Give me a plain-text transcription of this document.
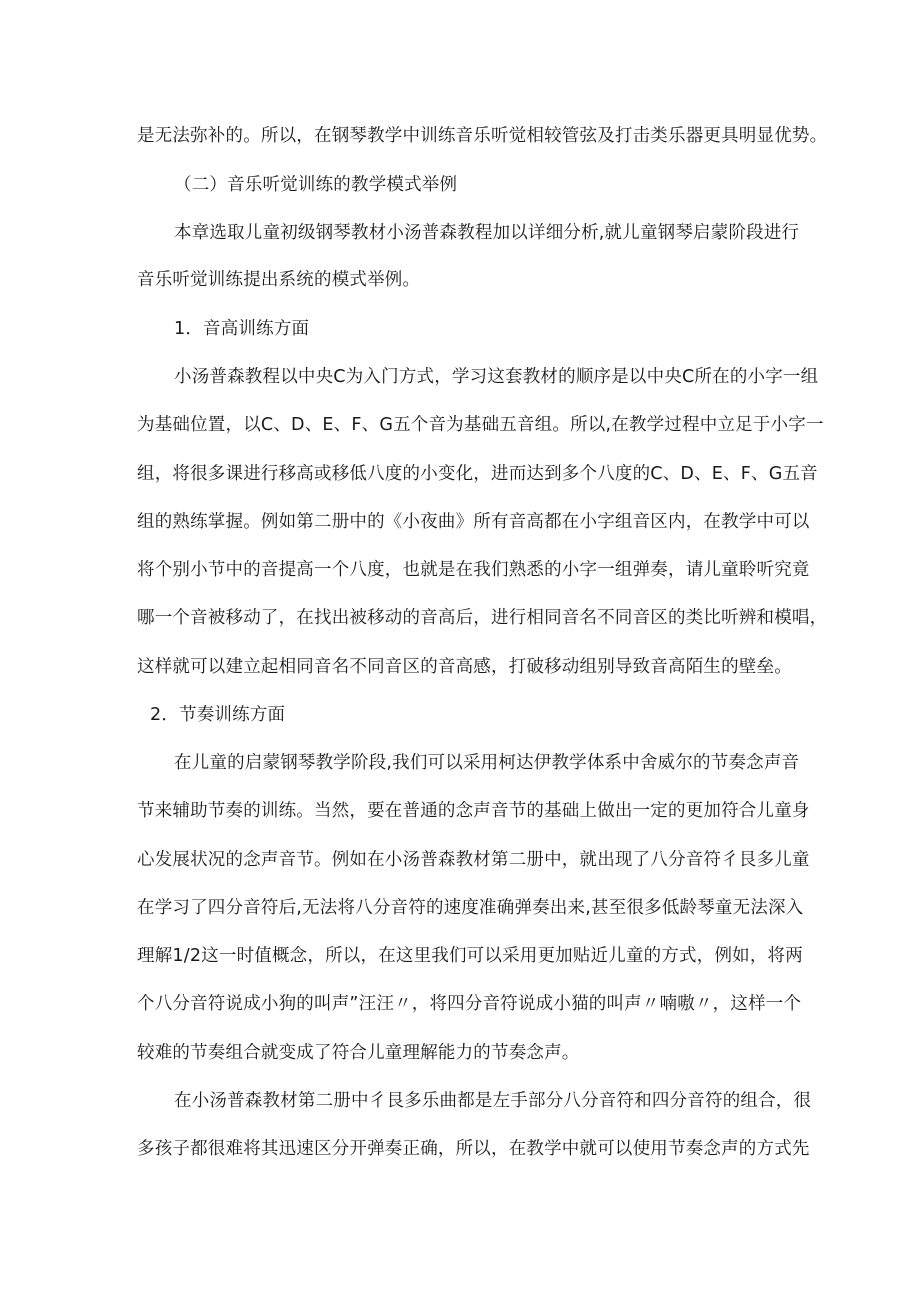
是无法弥补的。所以，在钢琴教学中训练音乐听觉相较管弦及打击类乐器更具明显优势。
（二）音乐听觉训练的教学模式举例
本章选取儿童初级钢琴教材小汤普森教程加以详细分析,就儿童钢琴启蒙阶段进行
音乐听觉训练提出系统的模式举例。
1．音高训练方面
小汤普森教程以中央C为入门方式，学习这套教材的顺序是以中央C所在的小字一组
为基础位置，以C、D、E、F、G五个音为基础五音组。所以,在教学过程中立足于小字一
组，将很多课进行移高或移低八度的小变化，进而达到多个八度的C、D、E、F、G五音
组的熟练掌握。例如第二册中的《小夜曲》所有音高都在小字组音区内，在教学中可以
将个别小节中的音提高一个八度，也就是在我们熟悉的小字一组弹奏，请儿童聆听究竟
哪一个音被移动了，在找出被移动的音高后，进行相同音名不同音区的类比听辨和模唱，
这样就可以建立起相同音名不同音区的音高感，打破移动组别导致音高陌生的壁垒。
2．节奏训练方面
在儿童的启蒙钢琴教学阶段,我们可以采用柯达伊教学体系中舍威尔的节奏念声音
节来辅助节奏的训练。当然，要在普通的念声音节的基础上做出一定的更加符合儿童身
心发展状况的念声音节。例如在小汤普森教材第二册中，就出现了八分音符彳艮多儿童
在学习了四分音符后,无法将八分音符的速度准确弹奏出来,甚至很多低龄琴童无法深入
理解1/2这一时值概念，所以，在这里我们可以采用更加贴近儿童的方式，例如，将两
个八分音符说成小狗的叫声”汪汪〃，将四分音符说成小猫的叫声〃喃嗷〃，这样一个
较难的节奏组合就变成了符合儿童理解能力的节奏念声。
在小汤普森教材第二册中彳艮多乐曲都是左手部分八分音符和四分音符的组合，很
多孩子都很难将其迅速区分开弹奏正确，所以，在教学中就可以使用节奏念声的方式先
